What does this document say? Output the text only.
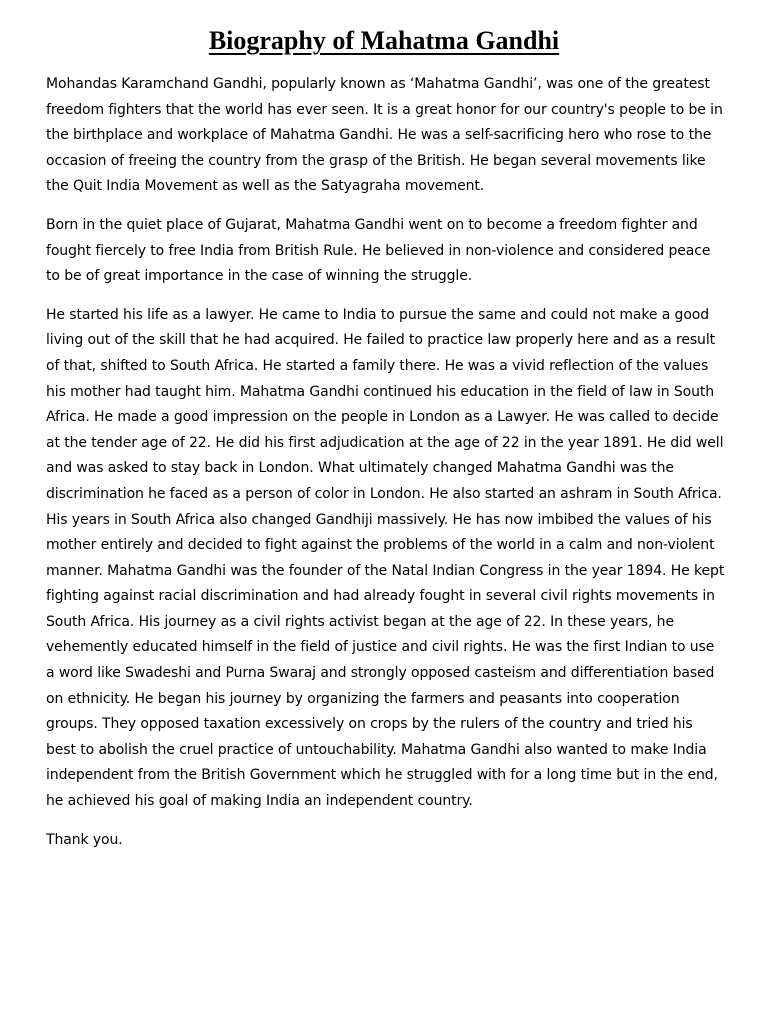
Biography of Mahatma Gandhi

Mohandas Karamchand Gandhi, popularly known as ‘Mahatma Gandhi’, was one of the greatest freedom fighters that the world has ever seen. It is a great honor for our country's people to be in the birthplace and workplace of Mahatma Gandhi. He was a self-sacrificing hero who rose to the occasion of freeing the country from the grasp of the British. He began several movements like the Quit India Movement as well as the Satyagraha movement.

Born in the quiet place of Gujarat, Mahatma Gandhi went on to become a freedom fighter and fought fiercely to free India from British Rule. He believed in non-violence and considered peace to be of great importance in the case of winning the struggle.

He started his life as a lawyer. He came to India to pursue the same and could not make a good living out of the skill that he had acquired. He failed to practice law properly here and as a result of that, shifted to South Africa. He started a family there. He was a vivid reflection of the values his mother had taught him. Mahatma Gandhi continued his education in the field of law in South Africa. He made a good impression on the people in London as a Lawyer. He was called to decide at the tender age of 22. He did his first adjudication at the age of 22 in the year 1891. He did well and was asked to stay back in London. What ultimately changed Mahatma Gandhi was the discrimination he faced as a person of color in London. He also started an ashram in South Africa. His years in South Africa also changed Gandhiji massively. He has now imbibed the values of his mother entirely and decided to fight against the problems of the world in a calm and non-violent manner. Mahatma Gandhi was the founder of the Natal Indian Congress in the year 1894. He kept fighting against racial discrimination and had already fought in several civil rights movements in South Africa. His journey as a civil rights activist began at the age of 22. In these years, he vehemently educated himself in the field of justice and civil rights. He was the first Indian to use a word like Swadeshi and Purna Swaraj and strongly opposed casteism and differentiation based on ethnicity. He began his journey by organizing the farmers and peasants into cooperation groups. They opposed taxation excessively on crops by the rulers of the country and tried his best to abolish the cruel practice of untouchability. Mahatma Gandhi also wanted to make India independent from the British Government which he struggled with for a long time but in the end, he achieved his goal of making India an independent country.

Thank you.
